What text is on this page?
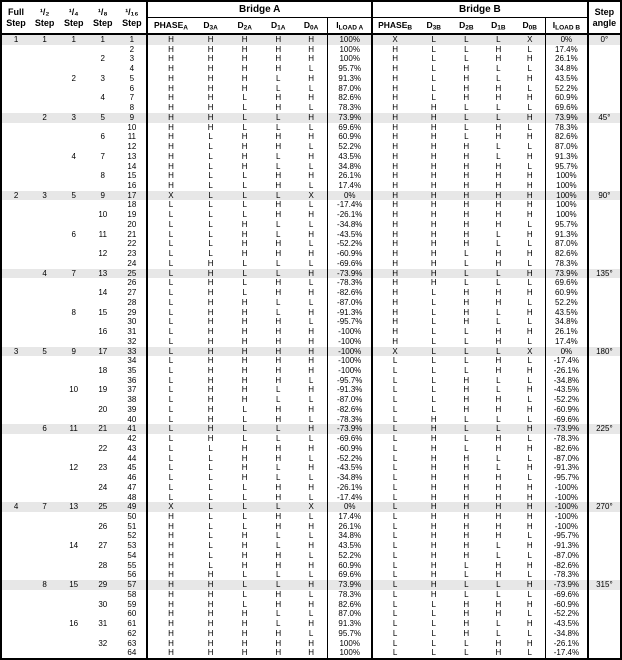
Full
Step

¹/₂
Step

¹/₄
Step

¹/₈
Step

¹/₁₆
Step
	Bridge A	Bridge B	Step
angle

					$PHASE_A$	$D_{3A}$	$D_{2A}$	$D_{1A}$	$D_{0A}$	$I_{LOAD A}$	$PHASE_B$	$D_{3B}$	$D_{2B}$	$D_{1B}$	$D_{0B}$	$I_{LOAD B}$
1	1	1	1	1	H	H	H	H	H	100%	X	L	L	L	X	0%	0°
				2	H	H	H	H	H	100%	H	L	L	H	L	17.4%	
			2	3	H	H	H	H	H	100%	H	L	L	H	H	26.1%	
				4	H	H	H	H	L	95.7%	H	L	H	L	L	34.8%	
		2	3	5	H	H	H	L	H	91.3%	H	L	H	L	H	43.5%	
				6	H	H	H	L	L	87.0%	H	L	H	H	L	52.2%	
			4	7	H	H	L	H	H	82.6%	H	L	H	H	H	60.9%	
				8	H	H	L	H	L	78.3%	H	H	L	L	L	69.6%	
	2	3	5	9	H	H	L	L	H	73.9%	H	H	L	L	H	73.9%	45°
				10	H	H	L	L	L	69.6%	H	H	L	H	L	78.3%	
			6	11	H	L	H	H	H	60.9%	H	H	L	H	H	82.6%	
				12	H	L	H	H	L	52.2%	H	H	H	L	L	87.0%	
		4	7	13	H	L	H	L	H	43.5%	H	H	H	L	H	91.3%	
				14	H	L	H	L	L	34.8%	H	H	H	H	L	95.7%	
			8	15	H	L	L	H	H	26.1%	H	H	H	H	H	100%	
				16	H	L	L	H	L	17.4%	H	H	H	H	H	100%	
2	3	5	9	17	X	L	L	L	X	0%	H	H	H	H	H	100%	90°
				18	L	L	L	H	L	-17.4%	H	H	H	H	H	100%	
			10	19	L	L	L	H	H	-26.1%	H	H	H	H	H	100%	
				20	L	L	H	L	L	-34.8%	H	H	H	H	L	95.7%	
		6	11	21	L	L	H	L	H	-43.5%	H	H	H	L	H	91.3%	
				22	L	L	H	H	L	-52.2%	H	H	H	L	L	87.0%	
			12	23	L	L	H	H	H	-60.9%	H	H	L	H	H	82.6%	
				24	L	H	L	L	L	-69.6%	H	H	L	H	L	78.3%	
	4	7	13	25	L	H	L	L	H	-73.9%	H	H	L	L	H	73.9%	135°
				26	L	H	L	H	L	-78.3%	H	H	L	L	L	69.6%	
			14	27	L	H	L	H	H	-82.6%	H	L	H	H	H	60.9%	
				28	L	H	H	L	L	-87.0%	H	L	H	H	L	52.2%	
		8	15	29	L	H	H	L	H	-91.3%	H	L	H	L	H	43.5%	
				30	L	H	H	H	L	-95.7%	H	L	H	L	L	34.8%	
			16	31	L	H	H	H	H	-100%	H	L	L	H	H	26.1%	
				32	L	H	H	H	H	-100%	H	L	L	H	L	17.4%	
3	5	9	17	33	L	H	H	H	H	-100%	X	L	L	L	X	0%	180°
				34	L	H	H	H	H	-100%	L	L	L	H	L	-17.4%	
			18	35	L	H	H	H	H	-100%	L	L	L	H	H	-26.1%	
				36	L	H	H	H	L	-95.7%	L	L	H	L	L	-34.8%	
		10	19	37	L	H	H	L	H	-91.3%	L	L	H	L	H	-43.5%	
				38	L	H	H	L	L	-87.0%	L	L	H	H	L	-52.2%	
			20	39	L	H	L	H	H	-82.6%	L	L	H	H	H	-60.9%	
				40	L	H	L	H	L	-78.3%	L	H	L	L	L	-69.6%	
	6	11	21	41	L	H	L	L	H	-73.9%	L	H	L	L	H	-73.9%	225°
				42	L	H	L	L	L	-69.6%	L	H	L	H	L	-78.3%	
			22	43	L	L	H	H	H	-60.9%	L	H	L	H	H	-82.6%	
				44	L	L	H	H	L	-52.2%	L	H	H	L	L	-87.0%	
		12	23	45	L	L	H	L	H	-43.5%	L	H	H	L	H	-91.3%	
				46	L	L	H	L	L	-34.8%	L	H	H	H	L	-95.7%	
			24	47	L	L	L	H	H	-26.1%	L	H	H	H	H	-100%	
				48	L	L	L	H	L	-17.4%	L	H	H	H	H	-100%	
4	7	13	25	49	X	L	L	L	X	0%	L	H	H	H	H	-100%	270°
				50	H	L	L	H	L	17.4%	L	H	H	H	H	-100%	
			26	51	H	L	L	H	H	26.1%	L	H	H	H	H	-100%	
				52	H	L	H	L	L	34.8%	L	H	H	H	L	-95.7%	
		14	27	53	H	L	H	L	H	43.5%	L	H	H	L	H	-91.3%	
				54	H	L	H	H	L	52.2%	L	H	H	L	L	-87.0%	
			28	55	H	L	H	H	H	60.9%	L	H	L	H	H	-82.6%	
				56	H	H	L	L	L	69.6%	L	H	L	H	L	-78.3%	
	8	15	29	57	H	H	L	L	H	73.9%	L	H	L	L	H	-73.9%	315°
				58	H	H	L	H	L	78.3%	L	H	L	L	L	-69.6%	
			30	59	H	H	L	H	H	82.6%	L	L	H	H	H	-60.9%	
				60	H	H	H	L	L	87.0%	L	L	H	H	L	-52.2%	
		16	31	61	H	H	H	L	H	91.3%	L	L	H	L	H	-43.5%	
				62	H	H	H	H	L	95.7%	L	L	H	L	L	-34.8%	
			32	63	H	H	H	H	H	100%	L	L	L	H	H	-26.1%	
				64	H	H	H	H	H	100%	L	L	L	H	L	-17.4%	
